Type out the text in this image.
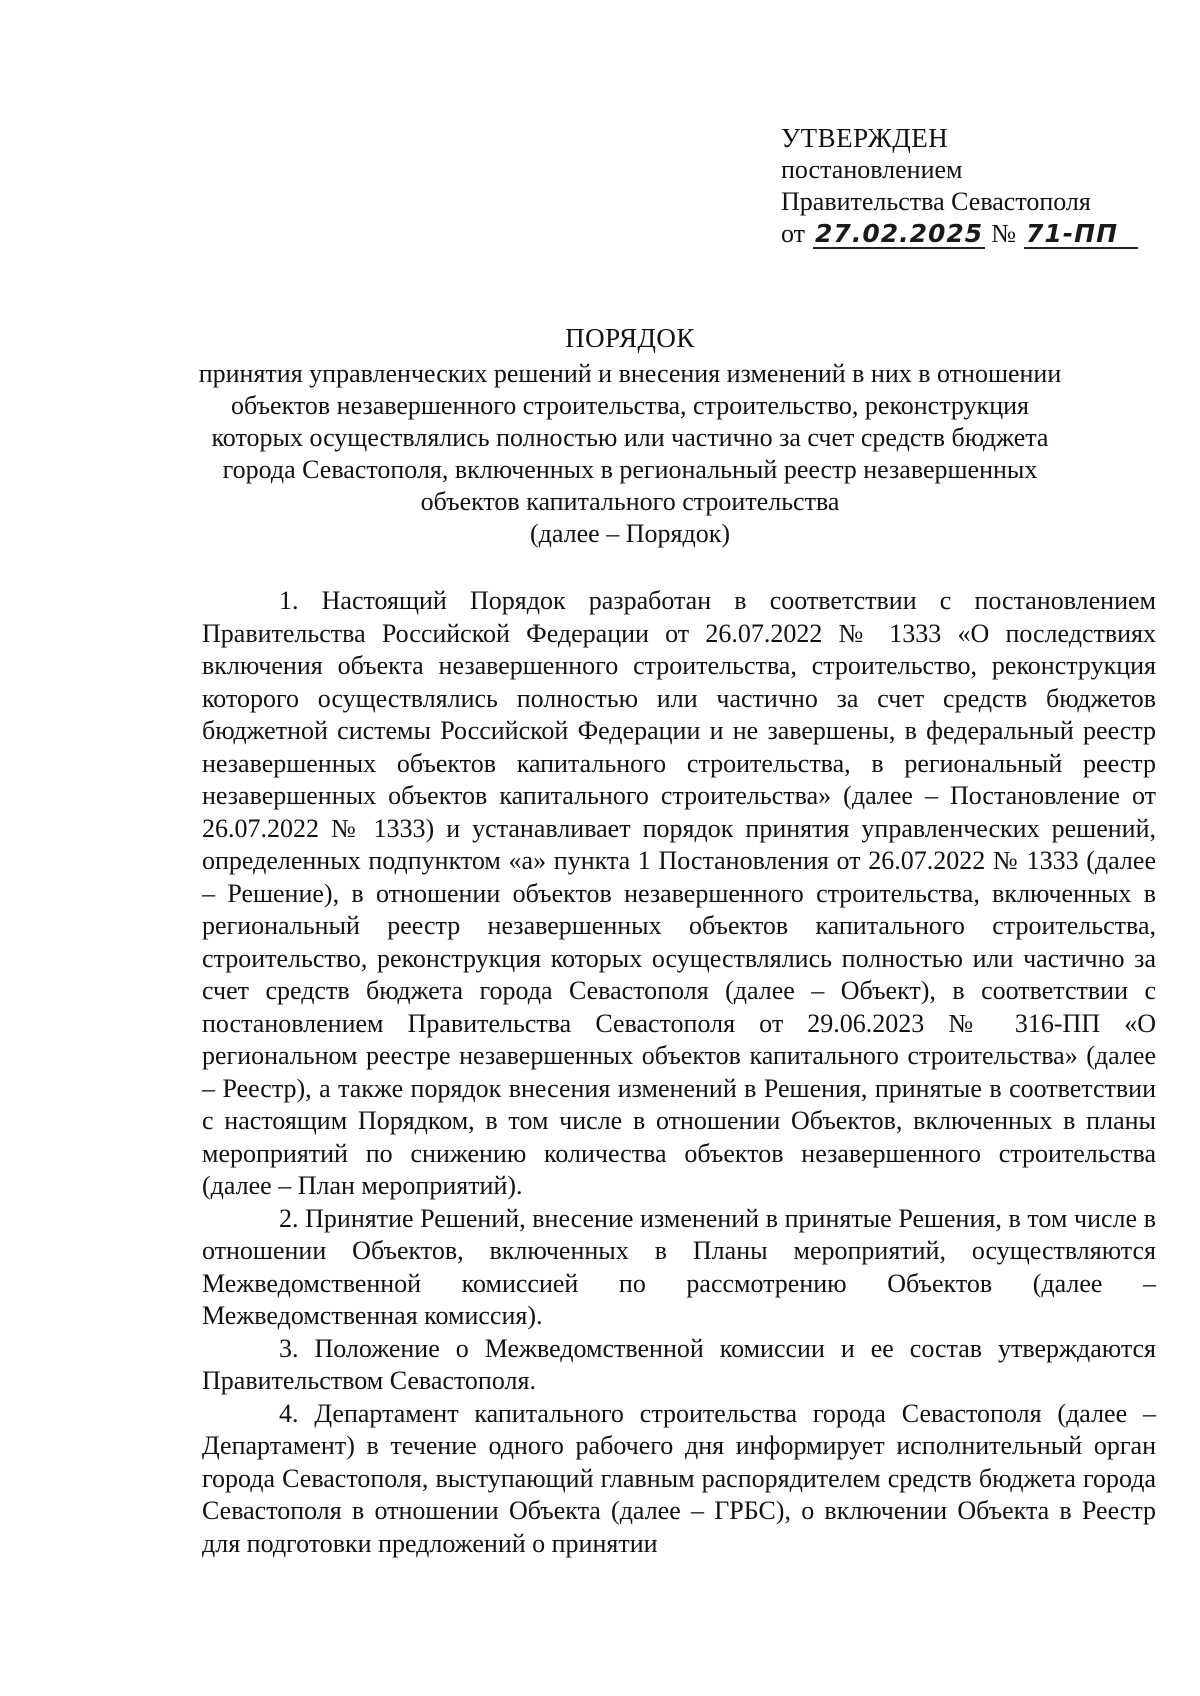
УТВЕРЖДЕН
постановлением
Правительства Севастополя
от 27.02.2025 № 71-ПП
ПОРЯДОК
принятия управленческих решений и внесения изменений в них в отношении
объектов незавершенного строительства, строительство, реконструкция
которых осуществлялись полностью или частично за счет средств бюджета
города Севастополя, включенных в региональный реестр незавершенных
объектов капитального строительства
(далее – Порядок)

1. Настоящий Порядок разработан в соответствии с постановлением Правительства Российской Федерации от 26.07.2022 № 1333 «О последствиях включения объекта незавершенного строительства, строительство, реконструкция которого осуществлялись полностью или частично за счет средств бюджетов бюджетной системы Российской Федерации и не завершены, в федеральный реестр незавершенных объектов капитального строительства, в региональный реестр незавершенных объектов капитального строительства» (далее – Постановление от 26.07.2022 № 1333) и устанавливает порядок принятия управленческих решений, определенных подпунктом «а» пункта 1 Постановления от 26.07.2022 № 1333 (далее – Решение), в отношении объектов незавершенного строительства, включенных в региональный реестр незавершенных объектов капитального строительства, строительство, реконструкция которых осуществлялись полностью или частично за счет средств бюджета города Севастополя (далее – Объект), в соответствии с постановлением Правительства Севастополя от 29.06.2023 № 316-ПП «О региональном реестре незавершенных объектов капитального строительства» (далее – Реестр), а также порядок внесения изменений в Решения, принятые в соответствии с настоящим Порядком, в том числе в отношении Объектов, включенных в планы мероприятий по снижению количества объектов незавершенного строительства (далее – План мероприятий).

2. Принятие Решений, внесение изменений в принятые Решения, в том числе в отношении Объектов, включенных в Планы мероприятий, осуществляются Межведомственной комиссией по рассмотрению Объектов (далее – Межведомственная комиссия).

3. Положение о Межведомственной комиссии и ее состав утверждаются Правительством Севастополя.

4. Департамент капитального строительства города Севастополя (далее – Департамент) в течение одного рабочего дня информирует исполнительный орган города Севастополя, выступающий главным распорядителем средств бюджета города Севастополя в отношении Объекта (далее – ГРБС), о включении Объекта в Реестр для подготовки предложений о принятии
